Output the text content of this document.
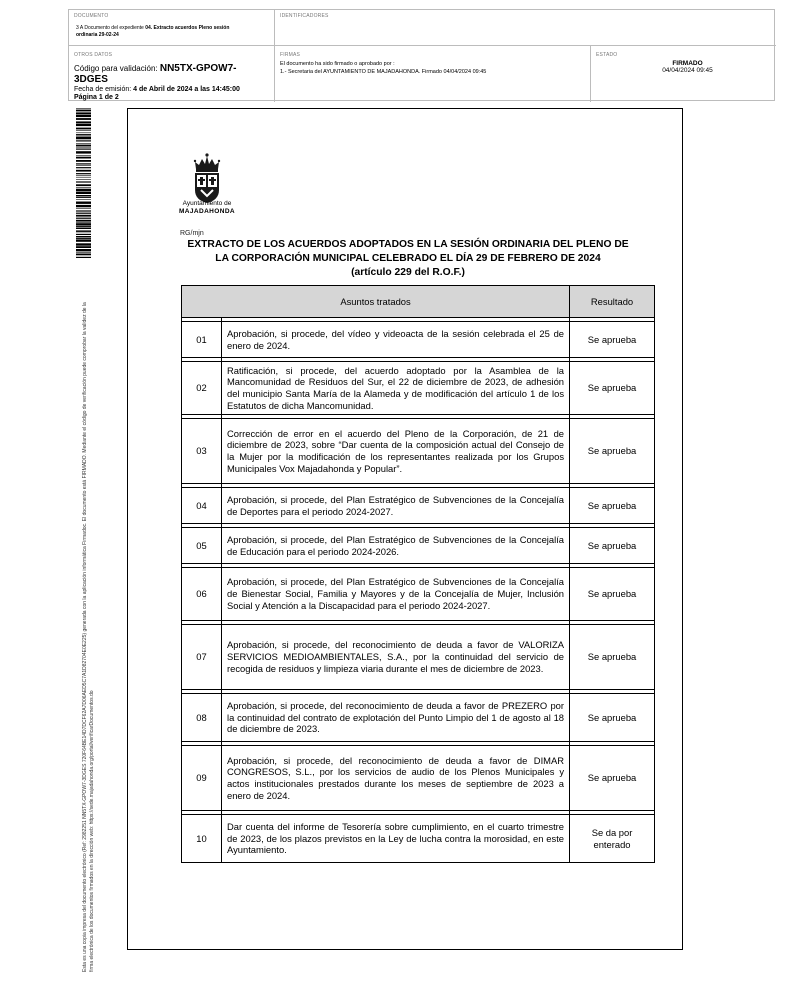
DOCUMENTO
3 A Documento del expediente 04. Extracto acuerdos Pleno sesión
ordinaria 29-02-24
IDENTIFICADORES
OTROS DATOS
Código para validación: NN5TX-GPOW7-3DGES
Fecha de emisión: 4 de Abril de 2024 a las 14:45:00
Página 1 de 2
FIRMAS
El documento ha sido firmado o aprobado por :
1.- Secretaria del AYUNTAMIENTO DE MAJADAHONDA. Firmado 04/04/2024 09:45
ESTADO
FIRMADO
04/04/2024 09:45
Esta es una copia impresa del documento electrónico (Ref: 2982251 NN5TX-GPOW7-3DGES 720F64BE14D7DCF62A7D06AED5C7A1D82704E0E225) generada con la aplicación informática Firmadoc. El documento está FIRMADO. Mediante el código de verificación puede comprobar la validez de la firma electrónica de los documentos firmados en la dirección web: https://sede.majadahonda.org/portal/verificarDocumentos.do
Ayuntamiento de
MAJADAHONDA
RG/mjn
EXTRACTO DE LOS ACUERDOS ADOPTADOS EN LA SESIÓN ORDINARIA DEL PLENO DE
LA CORPORACIÓN MUNICIPAL CELEBRADO EL DÍA 29 DE FEBRERO DE 2024
(artículo 229 del R.O.F.)
Asuntos tratados		Resultado

01	Aprobación, si procede, del vídeo y videoacta de la sesión celebrada el 25 de enero de 2024.	Se aprueba

02	Ratificación, si procede, del acuerdo adoptado por la Asamblea de la Mancomunidad de Residuos del Sur, el 22 de diciembre de 2023, de adhesión del municipio Santa María de la Alameda y de modificación del artículo 1 de los Estatutos de dicha Mancomunidad.	Se aprueba

03	Corrección de error en el acuerdo del Pleno de la Corporación, de 21 de diciembre de 2023, sobre “Dar cuenta de la composición actual del Consejo de la Mujer por la modificación de los representantes realizada por los Grupos Municipales Vox Majadahonda y Popular”.	Se aprueba

04	Aprobación, si procede, del Plan Estratégico de Subvenciones de la Concejalía de Deportes para el periodo 2024-2027.	Se aprueba

05	Aprobación, si procede, del Plan Estratégico de Subvenciones de la Concejalía de Educación para el periodo 2024-2026.	Se aprueba

06	Aprobación, si procede, del Plan Estratégico de Subvenciones de la Concejalía de Bienestar Social, Familia y Mayores y de la Concejalía de Mujer, Inclusión Social y Atención a la Discapacidad para el periodo 2024-2027.	Se aprueba

07	Aprobación, si procede, del reconocimiento de deuda a favor de VALORIZA SERVICIOS MEDIOAMBIENTALES, S.A., por la continuidad del servicio de recogida de residuos y limpieza viaria durante el mes de diciembre de 2023.	Se aprueba

08	Aprobación, si procede, del reconocimiento de deuda a favor de PREZERO por la continuidad del contrato de explotación del Punto Limpio del 1 de agosto al 18 de diciembre de 2023.	Se aprueba

09	Aprobación, si procede, del reconocimiento de deuda a favor de DIMAR CONGRESOS, S.L., por los servicios de audio de los Plenos Municipales y actos institucionales prestados durante los meses de septiembre de 2023 a enero de 2024.	Se aprueba

10	Dar cuenta del informe de Tesorería sobre cumplimiento, en el cuarto trimestre de 2023, de los plazos previstos en la Ley de lucha contra la morosidad, en este Ayuntamiento.	Se da por enterado
